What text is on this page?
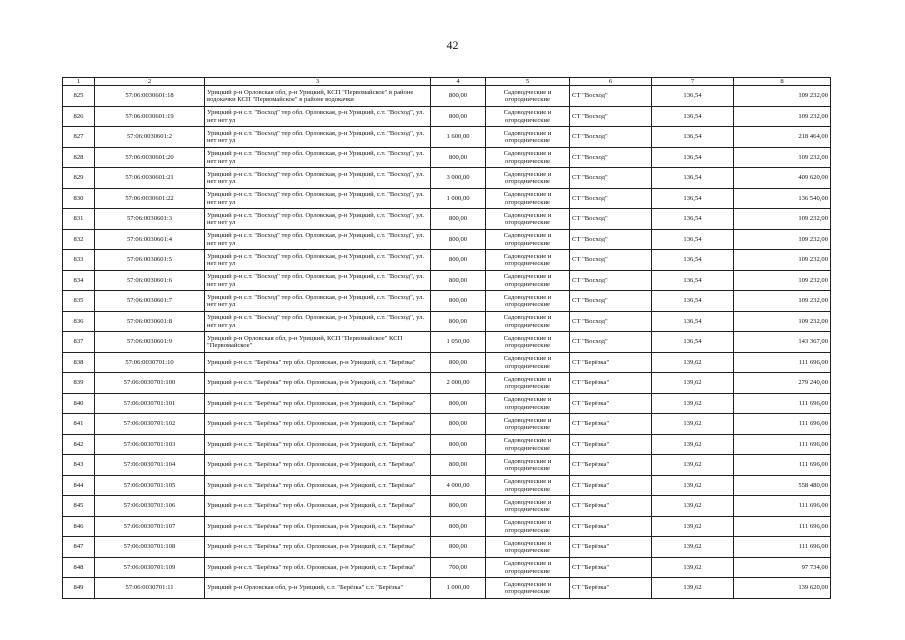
42
1	2	3	4	5	6	7	8
825	57:06:0030601:18	Урицкий р-н Орловская обл, р-н Урицкий, КСП "Первомайское" в районе водокачки КСП "Первомайское" в районе водокачки	800,00	Садоводческие и огороднические	СТ "Восход"	136,54	109 232,00
826	57:06:0030601:19	Урицкий р-н с.т. "Восход" тер обл. Орловская, р-н Урицкий, с.т. "Восход", ул. нет нет ул	800,00	Садоводческие и огороднические	СТ "Восход"	136,54	109 232,00
827	57:06:0030601:2	Урицкий р-н с.т. "Восход" тер обл. Орловская, р-н Урицкий, с.т. "Восход", ул. нет нет ул	1 600,00	Садоводческие и огороднические	СТ "Восход"	136,54	218 464,00
828	57:06:0030601:20	Урицкий р-н с.т. "Восход" тер обл. Орловская, р-н Урицкий, с.т. "Восход", ул. нет нет ул	800,00	Садоводческие и огороднические	СТ "Восход"	136,54	109 232,00
829	57:06:0030601:21	Урицкий р-н с.т. "Восход" тер обл. Орловская, р-н Урицкий, с.т. "Восход", ул. нет нет ул	3 000,00	Садоводческие и огороднические	СТ "Восход"	136,54	409 620,00
830	57:06:0030601:22	Урицкий р-н с.т. "Восход" тер обл. Орловская, р-н Урицкий, с.т. "Восход", ул. нет нет ул	1 000,00	Садоводческие и огороднические	СТ "Восход"	136,54	136 540,00
831	57:06:0030601:3	Урицкий р-н с.т. "Восход" тер обл. Орловская, р-н Урицкий, с.т. "Восход", ул. нет нет ул	800,00	Садоводческие и огороднические	СТ "Восход"	136,54	109 232,00
832	57:06:0030601:4	Урицкий р-н с.т. "Восход" тер обл. Орловская, р-н Урицкий, с.т. "Восход", ул. нет нет ул	800,00	Садоводческие и огороднические	СТ "Восход"	136,54	109 232,00
833	57:06:0030601:5	Урицкий р-н с.т. "Восход" тер обл. Орловская, р-н Урицкий, с.т. "Восход", ул. нет нет ул	800,00	Садоводческие и огороднические	СТ "Восход"	136,54	109 232,00
834	57:06:0030601:6	Урицкий р-н с.т. "Восход" тер обл. Орловская, р-н Урицкий, с.т. "Восход", ул. нет нет ул	800,00	Садоводческие и огороднические	СТ "Восход"	136,54	109 232,00
835	57:06:0030601:7	Урицкий р-н с.т. "Восход" тер обл. Орловская, р-н Урицкий, с.т. "Восход", ул. нет нет ул	800,00	Садоводческие и огороднические	СТ "Восход"	136,54	109 232,00
836	57:06:0030601:8	Урицкий р-н с.т. "Восход" тер обл. Орловская, р-н Урицкий, с.т. "Восход", ул. нет нет ул	800,00	Садоводческие и огороднические	СТ "Восход"	136,54	109 232,00
837	57:06:0030601:9	Урицкий р-н Орловская обл, р-н Урицкий, КСП "Первомайское" КСП "Первомайское"	1 050,00	Садоводческие и огороднические	СТ "Восход"	136,54	143 367,00
838	57:06:0030701:10	Урицкий р-н с.т. "Берёзка" тер обл. Орловская, р-н Урицкий, с.т. "Берёзка"	800,00	Садоводческие и огороднические	СТ "Берёзка"	139,62	111 696,00
839	57:06:0030701:100	Урицкий р-н с.т. "Берёзка" тер обл. Орловская, р-н Урицкий, с.т. "Берёзка"	2 000,00	Садоводческие и огороднические	СТ "Берёзка"	139,62	279 240,00
840	57:06:0030701:101	Урицкий р-н с.т. "Берёзка" тер обл. Орловская, р-н Урицкий, с.т. "Берёзка"	800,00	Садоводческие и огороднические	СТ "Берёзка"	139,62	111 696,00
841	57:06:0030701:102	Урицкий р-н с.т. "Берёзка" тер обл. Орловская, р-н Урицкий, с.т. "Берёзка"	800,00	Садоводческие и огороднические	СТ "Берёзка"	139,62	111 696,00
842	57:06:0030701:103	Урицкий р-н с.т. "Берёзка" тер обл. Орловская, р-н Урицкий, с.т. "Берёзка"	800,00	Садоводческие и огороднические	СТ "Берёзка"	139,62	111 696,00
843	57:06:0030701:104	Урицкий р-н с.т. "Берёзка" тер обл. Орловская, р-н Урицкий, с.т. "Берёзка"	800,00	Садоводческие и огороднические	СТ "Берёзка"	139,62	111 696,00
844	57:06:0030701:105	Урицкий р-н с.т. "Берёзка" тер обл. Орловская, р-н Урицкий, с.т. "Берёзка"	4 000,00	Садоводческие и огороднические	СТ "Берёзка"	139,62	558 480,00
845	57:06:0030701:106	Урицкий р-н с.т. "Берёзка" тер обл. Орловская, р-н Урицкий, с.т. "Берёзка"	800,00	Садоводческие и огороднические	СТ "Берёзка"	139,62	111 696,00
846	57:06:0030701:107	Урицкий р-н с.т. "Берёзка" тер обл. Орловская, р-н Урицкий, с.т. "Берёзка"	800,00	Садоводческие и огороднические	СТ "Берёзка"	139,62	111 696,00
847	57:06:0030701:108	Урицкий р-н с.т. "Берёзка" тер обл. Орловская, р-н Урицкий, с.т. "Берёзка"	800,00	Садоводческие и огороднические	СТ "Берёзка"	139,62	111 696,00
848	57:06:0030701:109	Урицкий р-н с.т. "Берёзка" тер обл. Орловская, р-н Урицкий, с.т. "Берёзка"	700,00	Садоводческие и огороднические	СТ "Берёзка"	139,62	97 734,00
849	57:06:0030701:11	Урицкий р-н Орловская обл, р-н Урицкий, с.т. "Берёзка" с.т. "Берёзка"	1 000,00	Садоводческие и огороднические	СТ "Берёзка"	139,62	139 620,00
